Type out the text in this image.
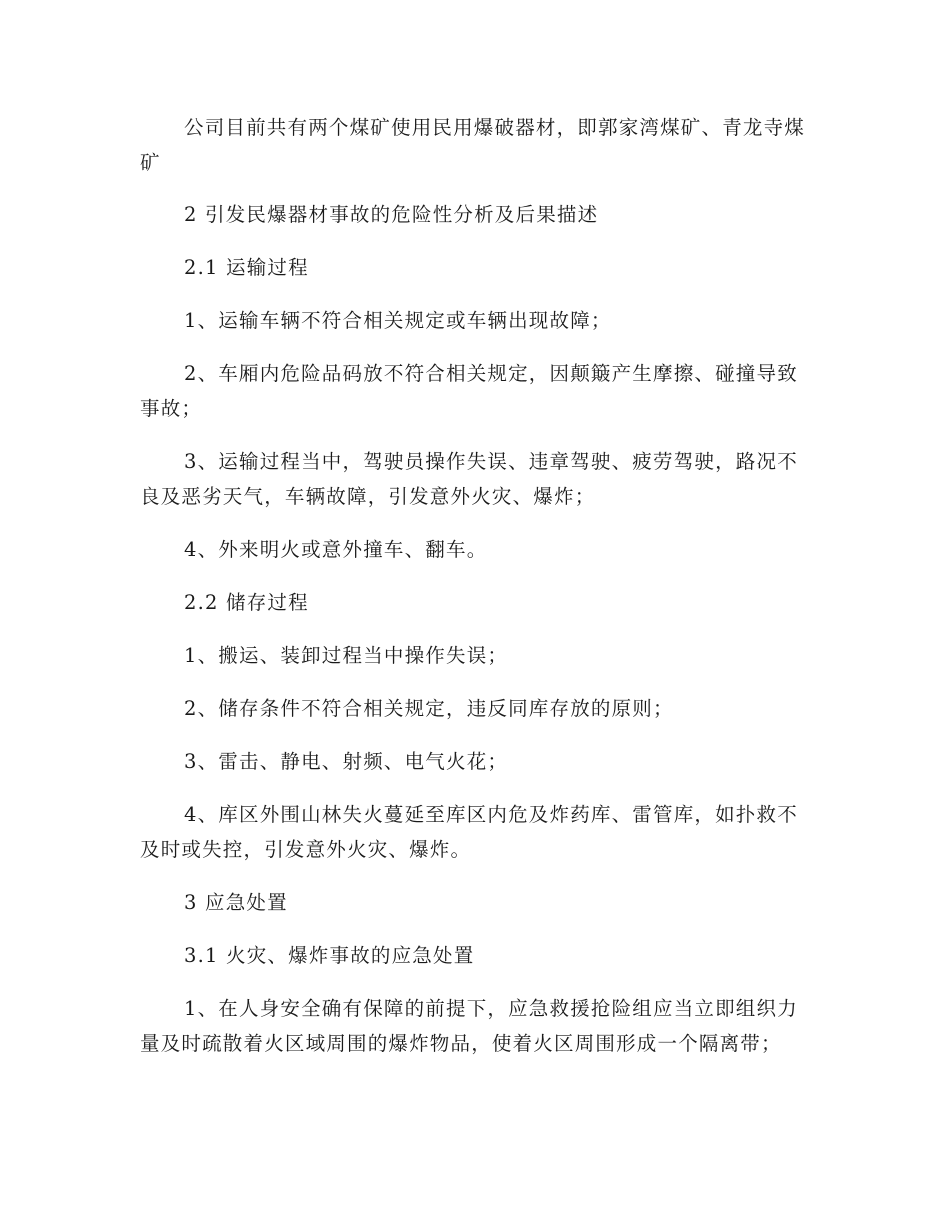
公司目前共有两个煤矿使用民用爆破器材，即郭家湾煤矿、青龙寺煤矿

2 引发民爆器材事故的危险性分析及后果描述

2.1 运输过程

1、运输车辆不符合相关规定或车辆出现故障；

2、车厢内危险品码放不符合相关规定，因颠簸产生摩擦、碰撞导致事故；

3、运输过程当中，驾驶员操作失误、违章驾驶、疲劳驾驶，路况不良及恶劣天气，车辆故障，引发意外火灾、爆炸；

4、外来明火或意外撞车、翻车。

2.2 储存过程

1、搬运、装卸过程当中操作失误；

2、储存条件不符合相关规定，违反同库存放的原则；

3、雷击、静电、射频、电气火花；

4、库区外围山林失火蔓延至库区内危及炸药库、雷管库，如扑救不及时或失控，引发意外火灾、爆炸。

3 应急处置

3.1 火灾、爆炸事故的应急处置

1、在人身安全确有保障的前提下，应急救援抢险组应当立即组织力量及时疏散着火区域周围的爆炸物品，使着火区周围形成一个隔离带；
